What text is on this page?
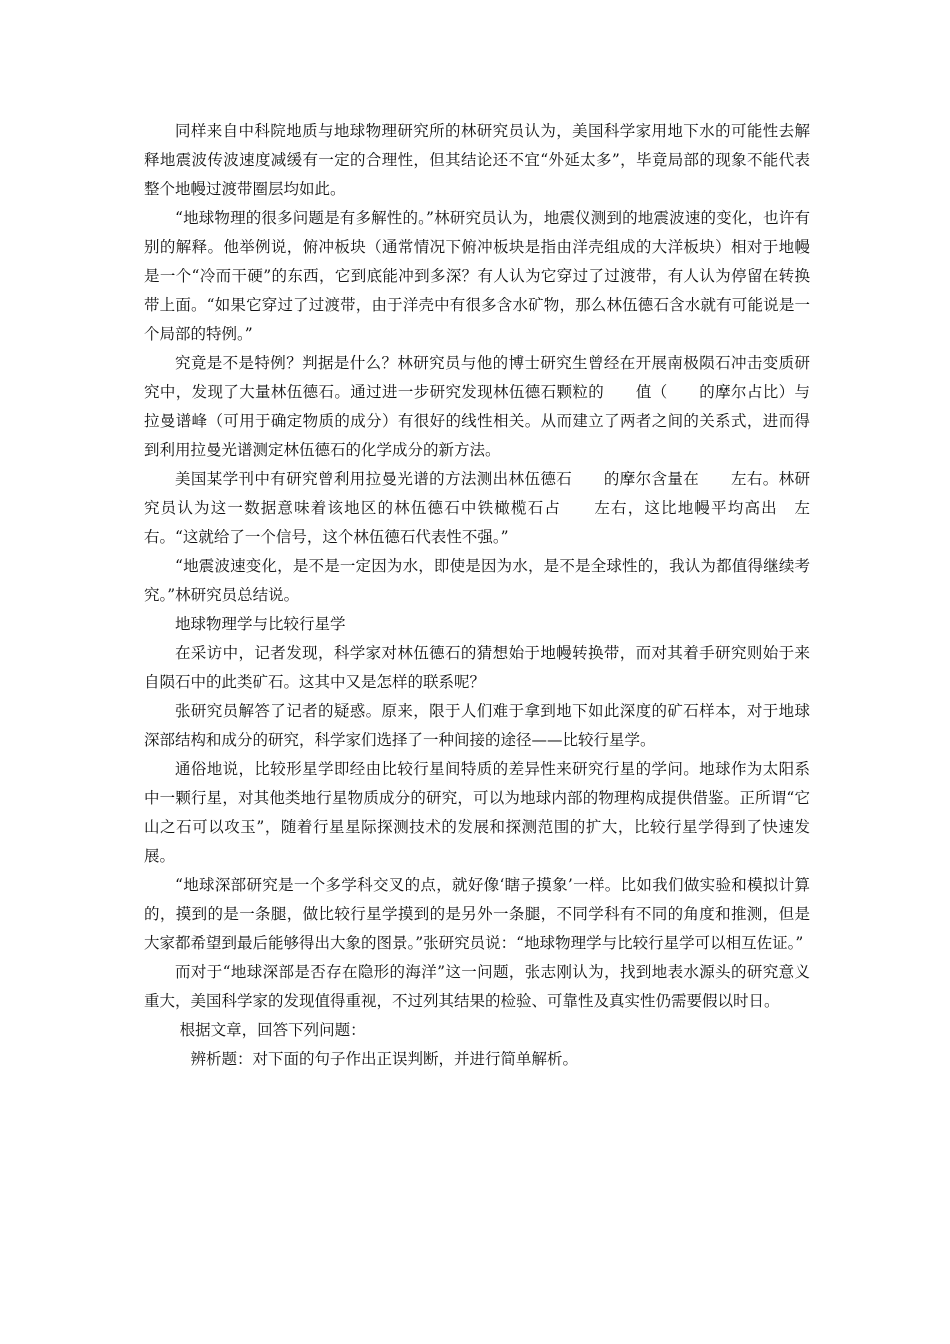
同样来自中科院地质与地球物理研究所的林研究员认为，美国科学家用地下水的可能性去解释地震波传波速度减缓有一定的合理性，但其结论还不宜“外延太多”，毕竟局部的现象不能代表整个地幔过渡带圈层均如此。

“地球物理的很多问题是有多解性的。”林研究员认为，地震仪测到的地震波速的变化，也许有别的解释。他举例说，俯冲板块（通常情况下俯冲板块是指由洋壳组成的大洋板块）相对于地幔是一个“冷而干硬”的东西，它到底能冲到多深？有人认为它穿过了过渡带，有人认为停留在转换带上面。“如果它穿过了过渡带，由于洋壳中有很多含水矿物，那么林伍德石含水就有可能说是一个局部的特例。”

究竟是不是特例？判据是什么？林研究员与他的博士研究生曾经在开展南极陨石冲击变质研究中，发现了大量林伍德石。通过进一步研究发现林伍德石颗粒的　　值（　　的摩尔占比）与拉曼谱峰（可用于确定物质的成分）有很好的线性相关。从而建立了两者之间的关系式，进而得到利用拉曼光谱测定林伍德石的化学成分的新方法。

美国某学刊中有研究曾利用拉曼光谱的方法测出林伍德石　　的摩尔含量在　　左右。林研究员认为这一数据意味着该地区的林伍德石中铁橄榄石占　　左右，这比地幔平均高出　左右。“这就给了一个信号，这个林伍德石代表性不强。”

“地震波速变化，是不是一定因为水，即使是因为水，是不是全球性的，我认为都值得继续考究。”林研究员总结说。

地球物理学与比较行星学

在采访中，记者发现，科学家对林伍德石的猜想始于地幔转换带，而对其着手研究则始于来自陨石中的此类矿石。这其中又是怎样的联系呢？

张研究员解答了记者的疑惑。原来，限于人们难于拿到地下如此深度的矿石样本，对于地球深部结构和成分的研究，科学家们选择了一种间接的途径——比较行星学。

通俗地说，比较形星学即经由比较行星间特质的差异性来研究行星的学问。地球作为太阳系中一颗行星，对其他类地行星物质成分的研究，可以为地球内部的物理构成提供借鉴。正所谓“它山之石可以攻玉”，随着行星星际探测技术的发展和探测范围的扩大，比较行星学得到了快速发展。

“地球深部研究是一个多学科交叉的点，就好像‘瞎子摸象’一样。比如我们做实验和模拟计算的，摸到的是一条腿，做比较行星学摸到的是另外一条腿，不同学科有不同的角度和推测，但是大家都希望到最后能够得出大象的图景。”张研究员说：“地球物理学与比较行星学可以相互佐证。”

而对于“地球深部是否存在隐形的海洋”这一问题，张志刚认为，找到地表水源头的研究意义重大，美国科学家的发现值得重视，不过列其结果的检验、可靠性及真实性仍需要假以时日。

根据文章，回答下列问题：

辨析题：对下面的句子作出正误判断，并进行简单解析。
